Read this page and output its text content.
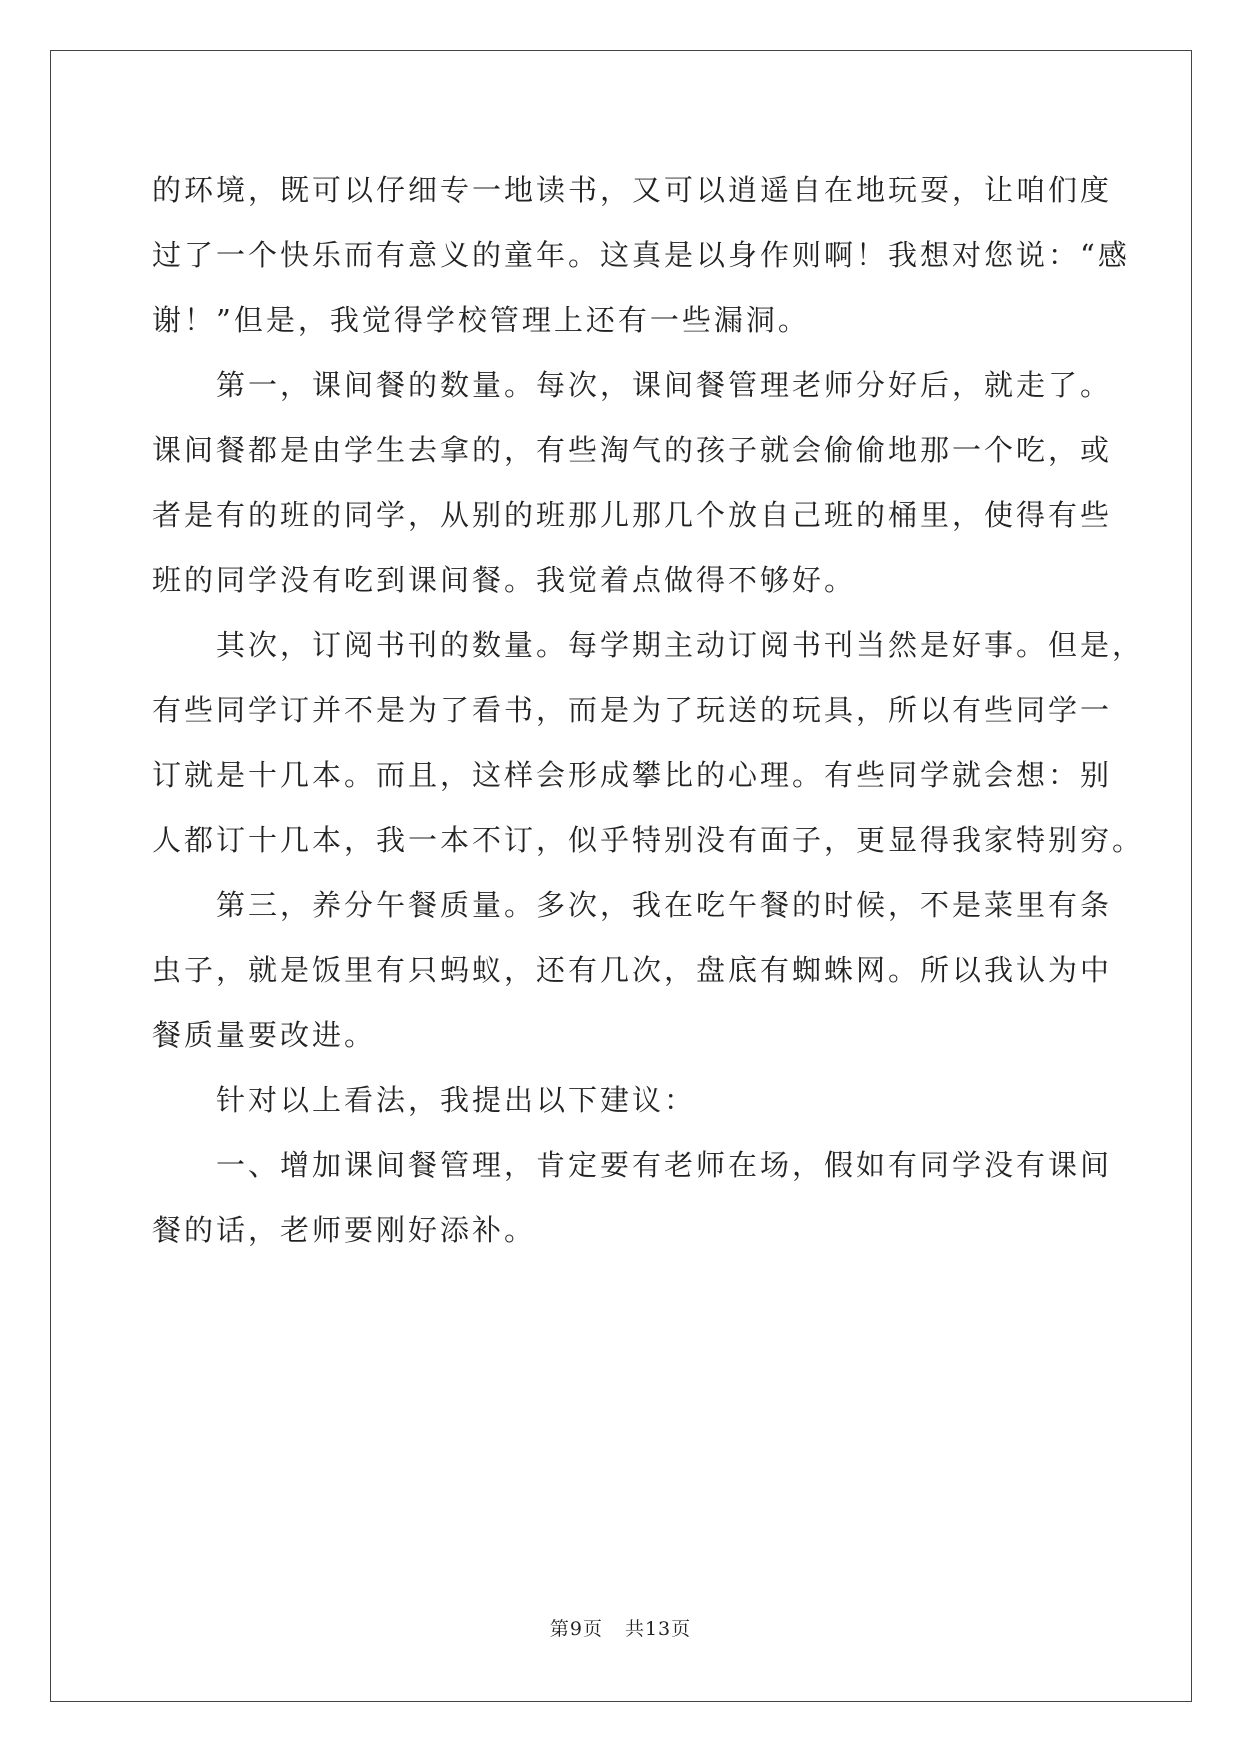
的环境，既可以仔细专一地读书，又可以逍遥自在地玩耍，让咱们度
过了一个快乐而有意义的童年。这真是以身作则啊！我想对您说：“感
谢！”但是，我觉得学校管理上还有一些漏洞。
第一，课间餐的数量。每次，课间餐管理老师分好后，就走了。
课间餐都是由学生去拿的，有些淘气的孩子就会偷偷地那一个吃，或
者是有的班的同学，从别的班那儿那几个放自己班的桶里，使得有些
班的同学没有吃到课间餐。我觉着点做得不够好。
其次，订阅书刊的数量。每学期主动订阅书刊当然是好事。但是，
有些同学订并不是为了看书，而是为了玩送的玩具，所以有些同学一
订就是十几本。而且，这样会形成攀比的心理。有些同学就会想：别
人都订十几本，我一本不订，似乎特别没有面子，更显得我家特别穷。
第三，养分午餐质量。多次，我在吃午餐的时候，不是菜里有条
虫子，就是饭里有只蚂蚁，还有几次，盘底有蜘蛛网。所以我认为中
餐质量要改进。
针对以上看法，我提出以下建议：
一、增加课间餐管理，肯定要有老师在场，假如有同学没有课间
餐的话，老师要刚好添补。
第9页 共13页
